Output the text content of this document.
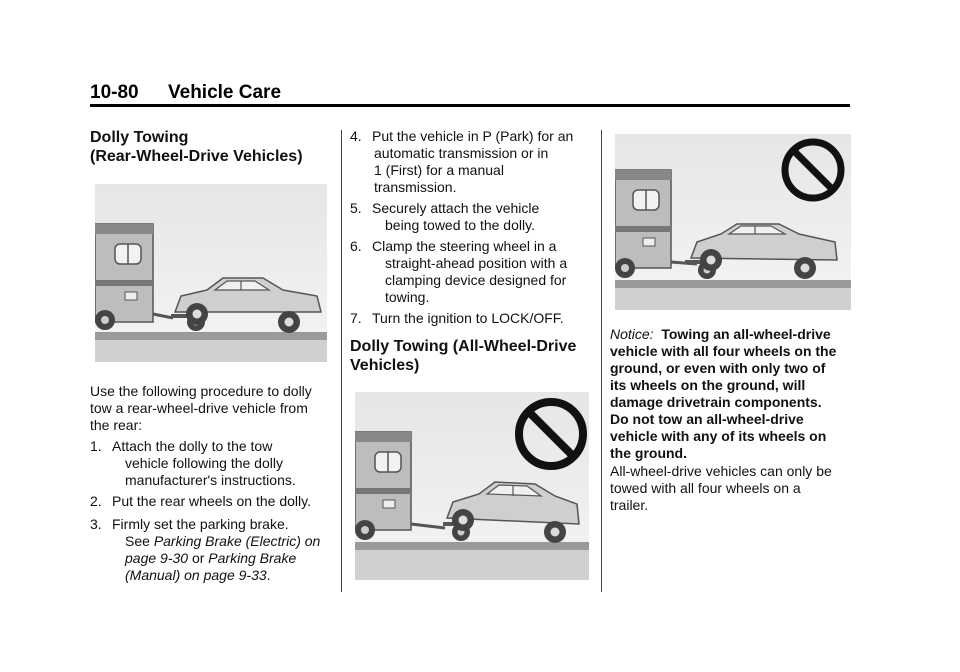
10-80 Vehicle Care
Dolly Towing
(Rear-Wheel-Drive Vehicles)
Use the following procedure to dolly
tow a rear-wheel-drive vehicle from
the rear:
1. Attach the dolly to the tow
vehicle following the dolly
manufacturer's instructions.
2. Put the rear wheels on the dolly.
3. Firmly set the parking brake.
See Parking Brake (Electric) on
page 9-30 or Parking Brake
(Manual) on page 9-33.
4. Put the vehicle in P (Park) for an
automatic transmission or in
1 (First) for a manual
transmission.
5. Securely attach the vehicle
being towed to the dolly.
6. Clamp the steering wheel in a
straight-ahead position with a
clamping device designed for
towing.
7. Turn the ignition to LOCK/OFF.
Dolly Towing (All-Wheel-Drive
Vehicles)
Notice: Towing an all-wheel-drive
vehicle with all four wheels on the
ground, or even with only two of
its wheels on the ground, will
damage drivetrain components.
Do not tow an all-wheel-drive
vehicle with any of its wheels on
the ground.
All-wheel-drive vehicles can only be
towed with all four wheels on a
trailer.
